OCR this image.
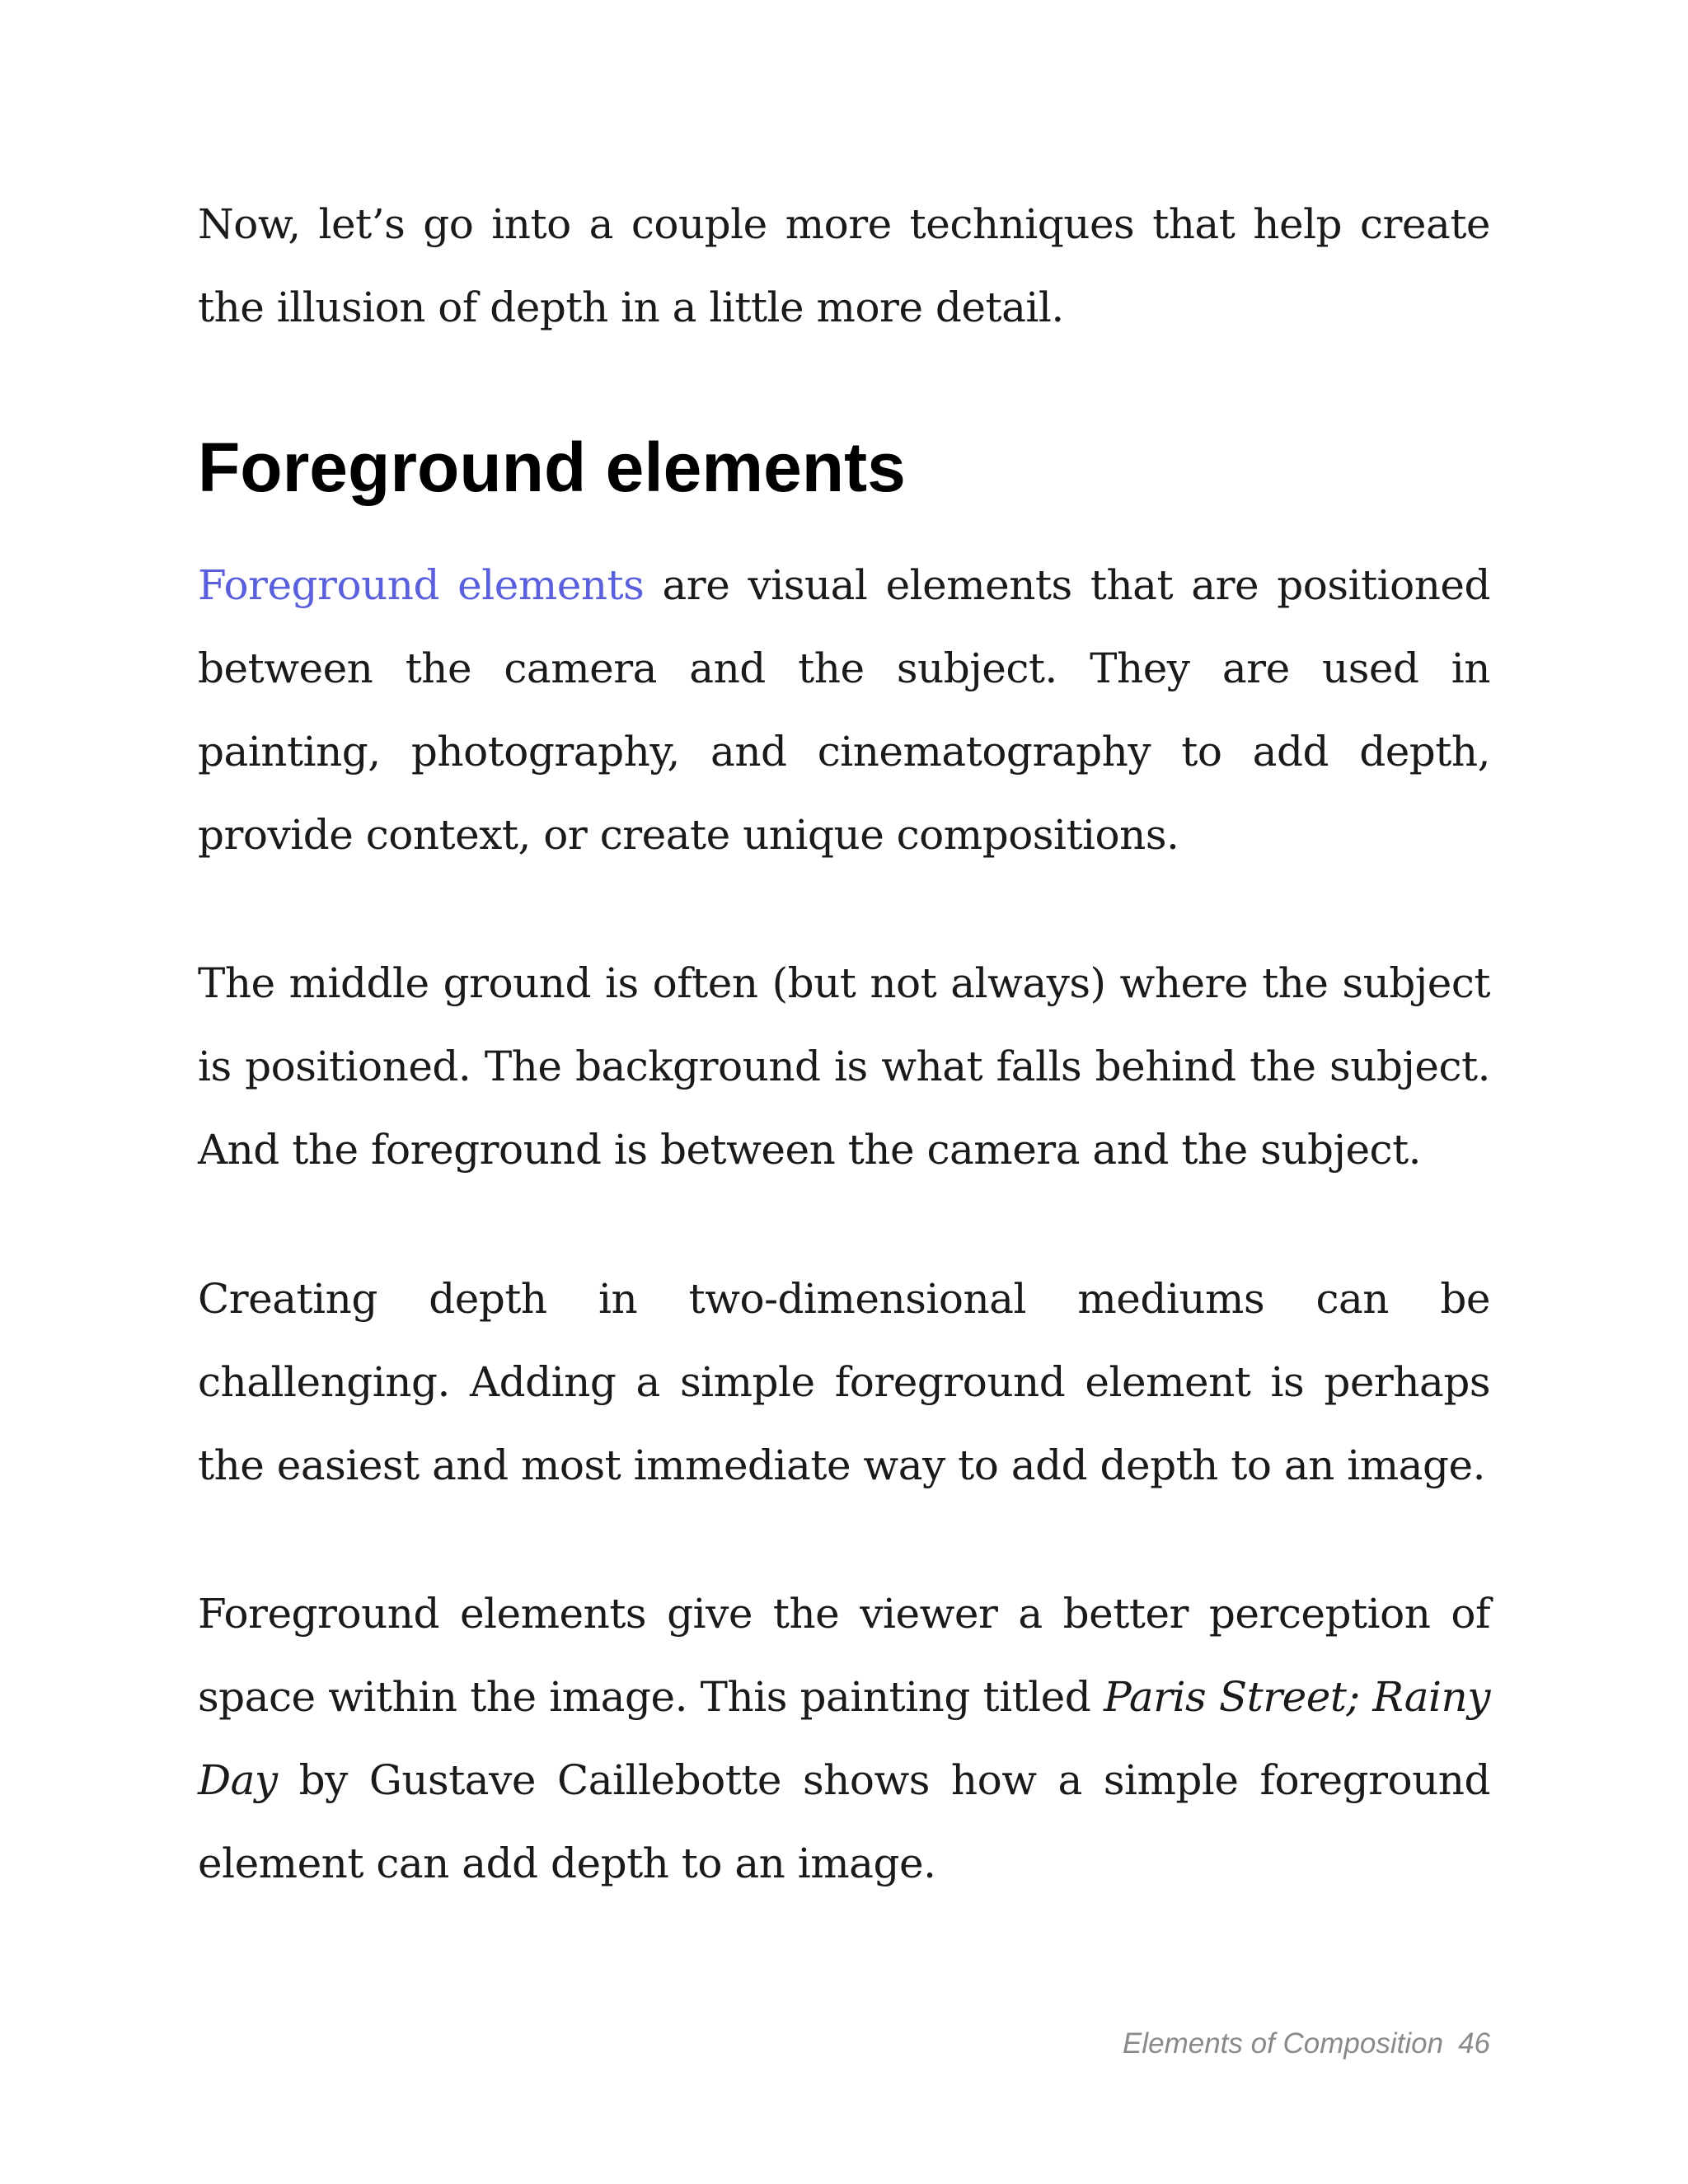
Now, let’s go into a couple more techniques that help create the illusion of depth in a little more detail.

Foreground elements

Foreground elements are visual elements that are positioned between the camera and the subject. They are used in painting, photography, and cinematography to add depth, provide context, or create unique compositions.

The middle ground is often (but not always) where the subject is positioned. The background is what falls behind the subject. And the foreground is between the camera and the subject.

Creating depth in two-dimensional mediums can be challenging. Adding a simple foreground element is perhaps the easiest and most immediate way to add depth to an image.

Foreground elements give the viewer a better perception of space within the image. This painting titled Paris Street; Rainy Day by Gustave Caillebotte shows how a simple foreground element can add depth to an image.

Elements of Composition 46
